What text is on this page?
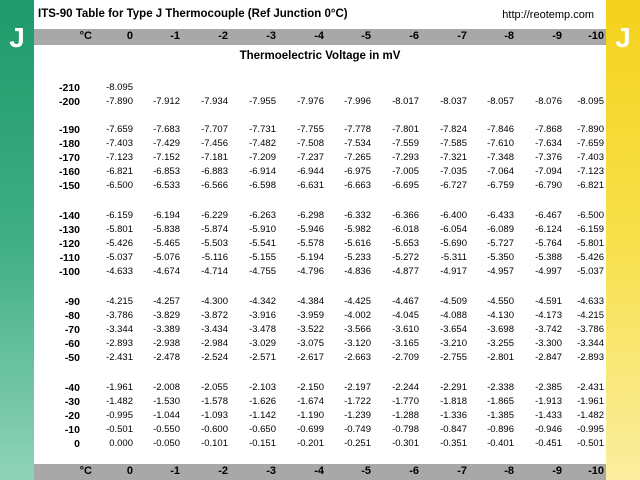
J	J
ITS-90 Table for Type J Thermocouple (Ref Junction 0°C)	http://reotemp.com
°C	0	-1	-2	-3	-4	-5	-6	-7	-8	-9	-10
Thermoelectric Voltage in mV
-210	-8.095
-200	-7.890	-7.912	-7.934	-7.955	-7.976	-7.996	-8.017	-8.037	-8.057	-8.076	-8.095
-190	-7.659	-7.683	-7.707	-7.731	-7.755	-7.778	-7.801	-7.824	-7.846	-7.868	-7.890
-180	-7.403	-7.429	-7.456	-7.482	-7.508	-7.534	-7.559	-7.585	-7.610	-7.634	-7.659
-170	-7.123	-7.152	-7.181	-7.209	-7.237	-7.265	-7.293	-7.321	-7.348	-7.376	-7.403
-160	-6.821	-6.853	-6.883	-6.914	-6.944	-6.975	-7.005	-7.035	-7.064	-7.094	-7.123
-150	-6.500	-6.533	-6.566	-6.598	-6.631	-6.663	-6.695	-6.727	-6.759	-6.790	-6.821
-140	-6.159	-6.194	-6.229	-6.263	-6.298	-6.332	-6.366	-6.400	-6.433	-6.467	-6.500
-130	-5.801	-5.838	-5.874	-5.910	-5.946	-5.982	-6.018	-6.054	-6.089	-6.124	-6.159
-120	-5.426	-5.465	-5.503	-5.541	-5.578	-5.616	-5.653	-5.690	-5.727	-5.764	-5.801
-110	-5.037	-5.076	-5.116	-5.155	-5.194	-5.233	-5.272	-5.311	-5.350	-5.388	-5.426
-100	-4.633	-4.674	-4.714	-4.755	-4.796	-4.836	-4.877	-4.917	-4.957	-4.997	-5.037
-90	-4.215	-4.257	-4.300	-4.342	-4.384	-4.425	-4.467	-4.509	-4.550	-4.591	-4.633
-80	-3.786	-3.829	-3.872	-3.916	-3.959	-4.002	-4.045	-4.088	-4.130	-4.173	-4.215
-70	-3.344	-3.389	-3.434	-3.478	-3.522	-3.566	-3.610	-3.654	-3.698	-3.742	-3.786
-60	-2.893	-2.938	-2.984	-3.029	-3.075	-3.120	-3.165	-3.210	-3.255	-3.300	-3.344
-50	-2.431	-2.478	-2.524	-2.571	-2.617	-2.663	-2.709	-2.755	-2.801	-2.847	-2.893
-40	-1.961	-2.008	-2.055	-2.103	-2.150	-2.197	-2.244	-2.291	-2.338	-2.385	-2.431
-30	-1.482	-1.530	-1.578	-1.626	-1.674	-1.722	-1.770	-1.818	-1.865	-1.913	-1.961
-20	-0.995	-1.044	-1.093	-1.142	-1.190	-1.239	-1.288	-1.336	-1.385	-1.433	-1.482
-10	-0.501	-0.550	-0.600	-0.650	-0.699	-0.749	-0.798	-0.847	-0.896	-0.946	-0.995
0	0.000	-0.050	-0.101	-0.151	-0.201	-0.251	-0.301	-0.351	-0.401	-0.451	-0.501
°C	0	-1	-2	-3	-4	-5	-6	-7	-8	-9	-10
